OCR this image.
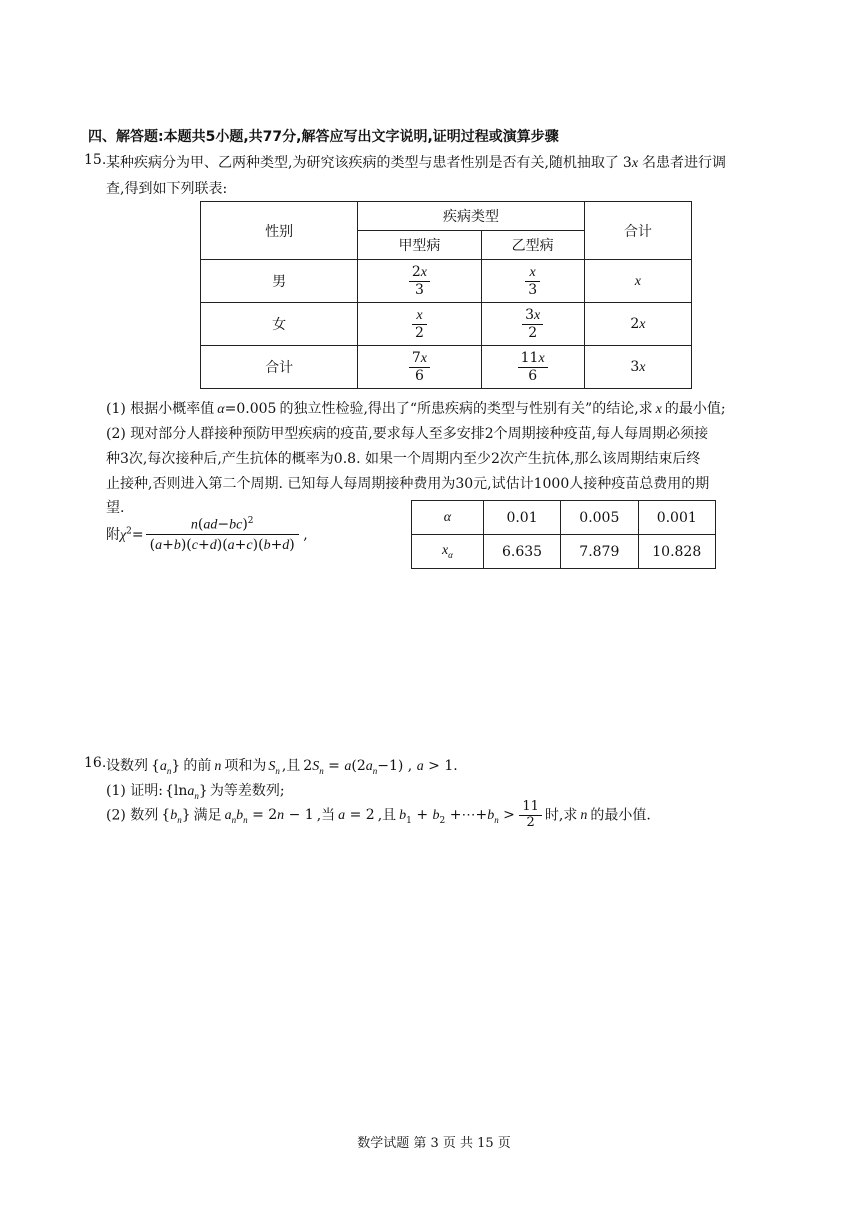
四、解答题:本题共5小题,共77分,解答应写出文字说明,证明过程或演算步骤
15. 某种疾病分为甲、乙两种类型,为研究该疾病的类型与患者性别是否有关,随机抽取了 3x 名患者进行调
查,得到如下列联表:
性别	疾病类型		合计
	甲型病	乙型病	
男	$\frac{2x}{3}$	$\frac{x}{3}$	x
女	$\frac{x}{2}$	$\frac{3x}{2}$	2x
合计	$\frac{7x}{6}$	$\frac{11x}{6}$	3x
(1) 根据小概率值 α=0.005 的独立性检验,得出了“所患疾病的类型与性别有关”的结论,求 x 的最小值;
(2) 现对部分人群接种预防甲型疾病的疫苗,要求每人至多安排2个周期接种疫苗,每人每周期必须接
种3次,每次接种后,产生抗体的概率为0.8. 如果一个周期内至少2次产生抗体,那么该周期结束后终
止接种,否则进入第二个周期. 已知每人每周期接种费用为30元,试估计1000人接种疫苗总费用的期
望.
附$\chi^2= \frac{n(ad-bc)^2}{(a+b)(c+d)(a+c)(b+d)}$ ,
α	0.01	0.005	0.001
$x_\alpha$	6.635	7.879	10.828
16. 设数列 $\{a_n\}$ 的前 n 项和为 $S_n$ ,且 $2S_n = a(2a_n-1)$ , a > 1.
(1) 证明: {lna$_n$} 为等差数列;
(2) 数列 $\{b_n\}$ 满足 $a_nb_n = 2n - 1$ ,当 a = 2 ,且 $b_1 + b_2$ $+\cdots+b_n > \frac{11}{2}$ 时,求 n 的最小值.
数学试题 第 3 页 共 15 页
